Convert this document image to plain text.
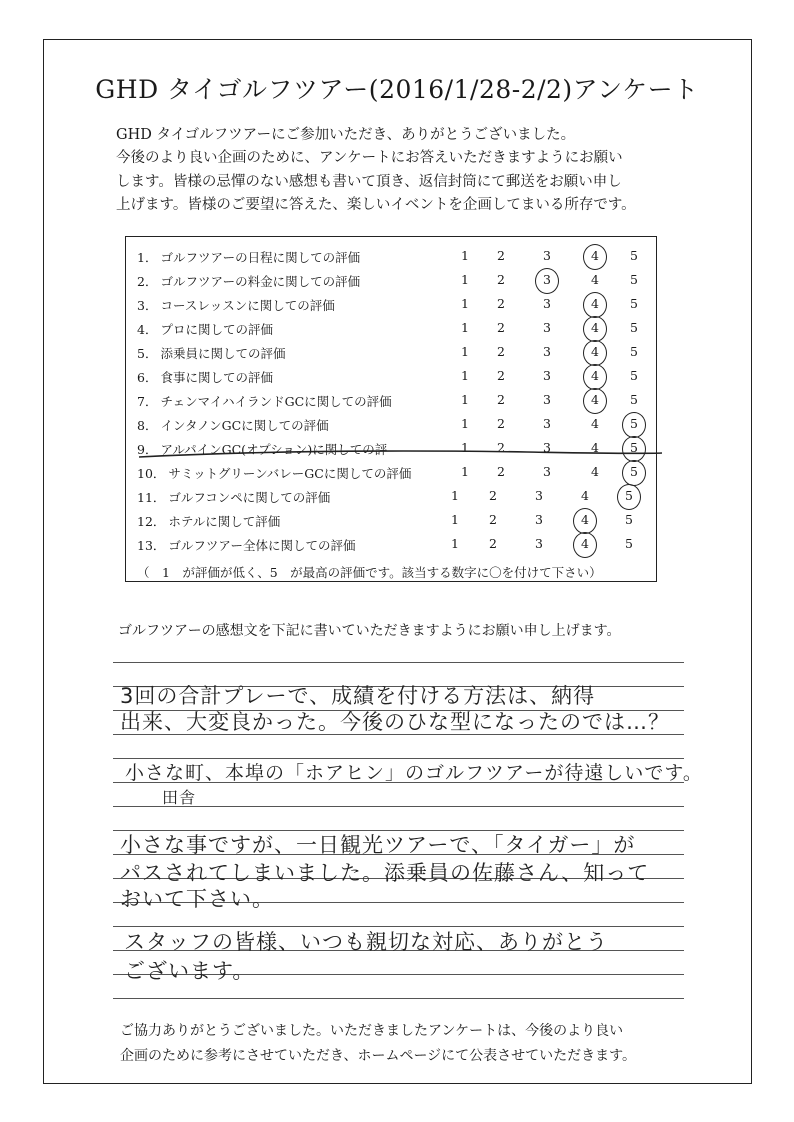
GHD タイゴルフツアー(2016/1/28-2/2)アンケート
GHD タイゴルフツアーにご参加いただき、ありがとうございました。
今後のより良い企画のために、アンケートにお答えいただきますようにお願い
します。皆様の忌憚のない感想も書いて頂き、返信封筒にて郵送をお願い申し
上げます。皆様のご要望に答えた、楽しいイベントを企画してまいる所存です。
1． ゴルフツアーの日程に関しての評価	1	2	3	4	5
2． ゴルフツアーの料金に関しての評価	1	2	3	4	5
3． コースレッスンに関しての評価	1	2	3	4	5
4． プロに関しての評価	1	2	3	4	5
5． 添乗員に関しての評価	1	2	3	4	5
6． 食事に関しての評価	1	2	3	4	5
7． チェンマイハイランドGCに関しての評価	1	2	3	4	5
8． インタノンGCに関しての評価	1	2	3	4	5
9． アルパインGC(オプション)に関しての評	1	2	3	4	5
10． サミットグリーンバレーGCに関しての評価	1	2	3	4	5
11． ゴルフコンペに関しての評価	1	2	3	4	5
12． ホテルに関して評価	1	2	3	4	5
13． ゴルフツアー全体に関しての評価	1	2	3	4	5
（　1　が評価が低く、5　が最高の評価です。該当する数字に〇を付けて下さい）
ゴルフツアーの感想文を下記に書いていただきますようにお願い申し上げます。
3回の合計プレーで、成績を付ける方法は、納得
出来、大変良かった。今後のひな型になったのでは…？
小さな町、本埠の「ホアヒン」のゴルフツアーが待遠しいです。
田舎
小さな事ですが、一日観光ツアーで、「タイガー」が
パスされてしまいました。添乗員の佐藤さん、知って
おいて下さい。
スタッフの皆様、いつも親切な対応、ありがとう
ございます。
ご協力ありがとうございました。いただきましたアンケートは、今後のより良い
企画のために参考にさせていただき、ホームページにて公表させていただきます。
